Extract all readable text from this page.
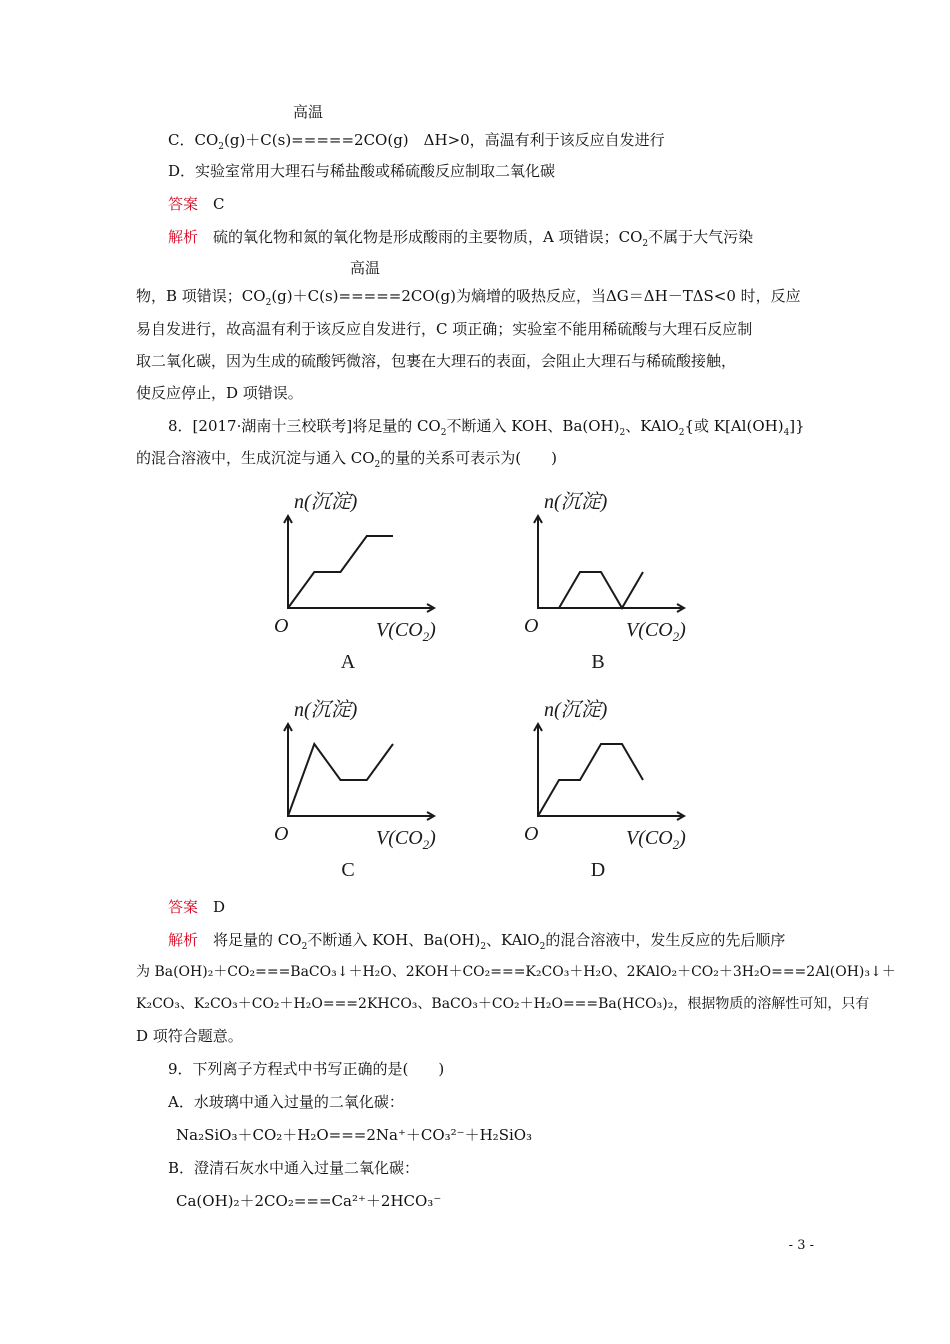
高温
C．$CO_2(g)+C(s)=====2CO(g)$　ΔH>0，高温有利于该反应自发进行
D．实验室常用大理石与稀盐酸或稀硫酸反应制取二氧化碳
答案　 C
解析　 硫的氧化物和氮的氧化物是形成酸雨的主要物质，A 项错误；$CO_2$不属于大气污染
高温
物，B 项错误；$CO_2(g)+C(s)=====2CO(g)$为熵增的吸热反应，当ΔG＝ΔH－TΔS<0 时，反应
易自发进行，故高温有利于该反应自发进行，C 项正确；实验室不能用稀硫酸与大理石反应制
取二氧化碳，因为生成的硫酸钙微溶，包裹在大理石的表面，会阻止大理石与稀硫酸接触，
使反应停止，D 项错误。
8．[2017·湖南十三校联考]将足量的 $CO_2$不断通入 KOH、$Ba(OH)_2$、KAlO$_2${或 $K[Al(OH)_4]$}
的混合溶液中，生成沉淀与通入 $CO_2$的量的关系可表示为(　　)
n(沉淀)
O	$V(CO_2)$
A
n(沉淀)
O	$V(CO_2)$
B
n(沉淀)
O	$V(CO_2)$
C
n(沉淀)
O	$V(CO_2)$
D
答案　 D
解析　 将足量的 $CO_2$不断通入 KOH、$Ba(OH)_2$、KAlO$_2$的混合溶液中，发生反应的先后顺序
为 Ba(OH)₂＋CO₂===BaCO₃↓＋H₂O、2KOH＋CO₂===K₂CO₃＋H₂O、2KAlO₂＋CO₂＋3H₂O===2Al(OH)₃↓＋
K₂CO₃、K₂CO₃＋CO₂＋H₂O===2KHCO₃、BaCO₃＋CO₂＋H₂O===Ba(HCO₃)₂，根据物质的溶解性可知，只有
D 项符合题意。
9．下列离子方程式中书写正确的是(　　)
A．水玻璃中通入过量的二氧化碳：
Na₂SiO₃＋CO₂＋H₂O===2Na⁺＋CO₃²⁻＋H₂SiO₃
B．澄清石灰水中通入过量二氧化碳：
Ca(OH)₂＋2CO₂===Ca²⁺＋2HCO₃⁻
- 3 -
